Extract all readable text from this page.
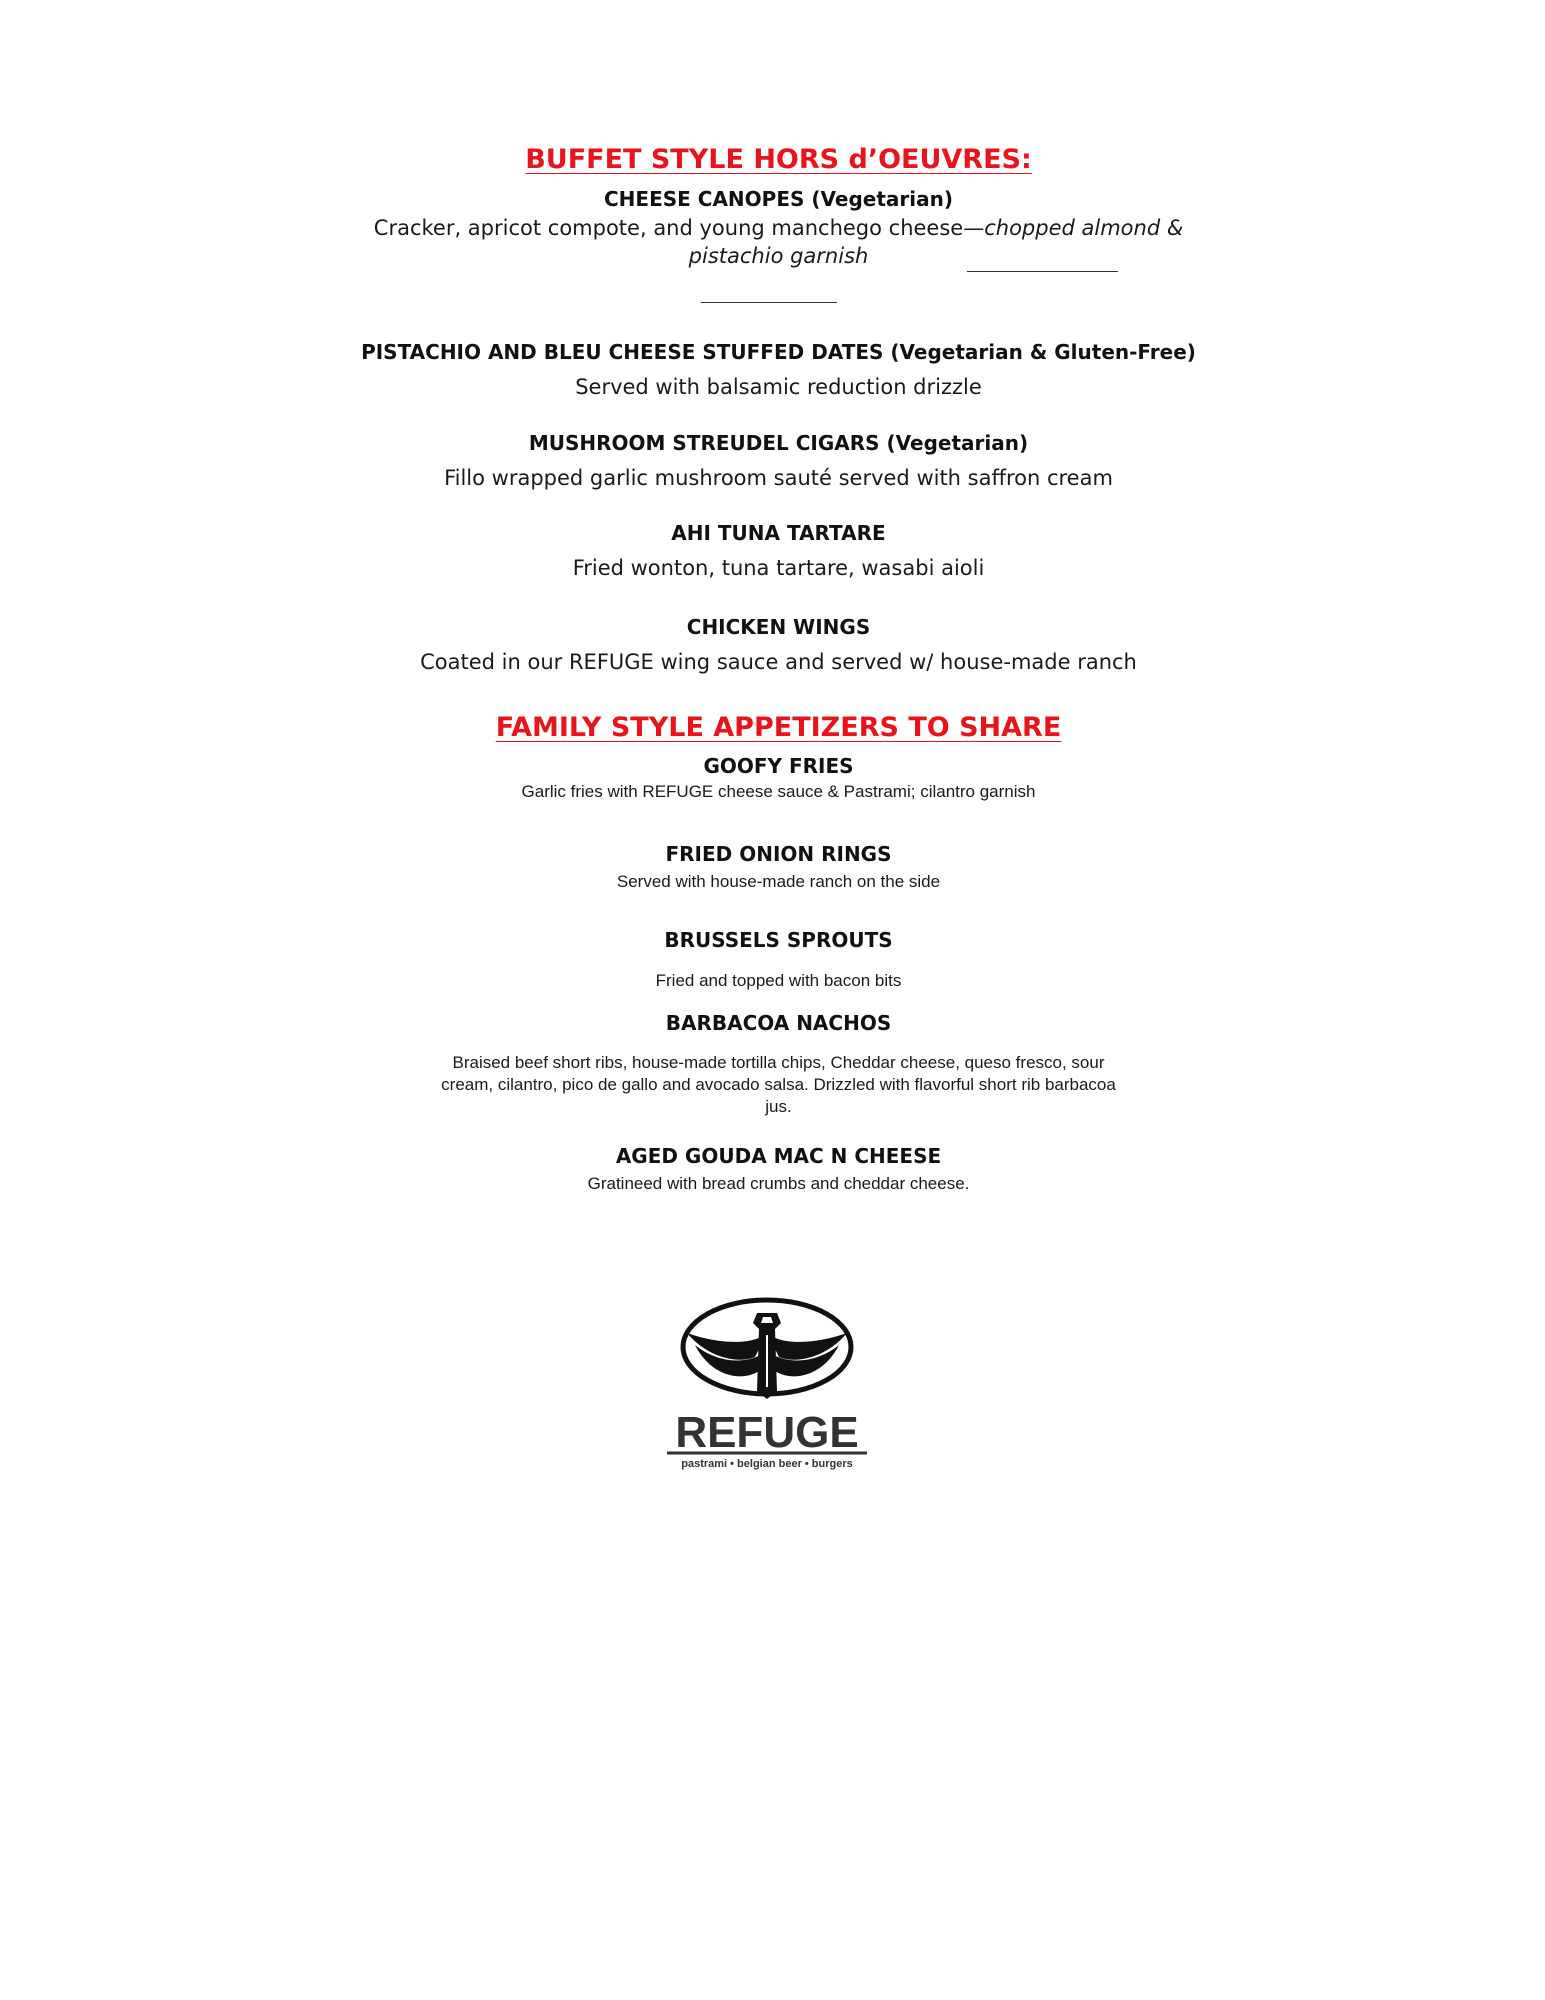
BUFFET STYLE HORS d’OEUVRES:
CHEESE CANOPES (Vegetarian)
Cracker, apricot compote, and young manchego cheese—chopped almond &
pistachio garnish
PISTACHIO AND BLEU CHEESE STUFFED DATES (Vegetarian & Gluten-Free)
Served with balsamic reduction drizzle
MUSHROOM STREUDEL CIGARS (Vegetarian)
Fillo wrapped garlic mushroom sauté served with saffron cream
AHI TUNA TARTARE
Fried wonton, tuna tartare, wasabi aioli
CHICKEN WINGS
Coated in our REFUGE wing sauce and served w/ house-made ranch
FAMILY STYLE APPETIZERS TO SHARE
GOOFY FRIES
Garlic fries with REFUGE cheese sauce & Pastrami; cilantro garnish
FRIED ONION RINGS
Served with house-made ranch on the side
BRUSSELS SPROUTS
Fried and topped with bacon bits
BARBACOA NACHOS
Braised beef short ribs, house-made tortilla chips, Cheddar cheese, queso fresco, sour
cream, cilantro, pico de gallo and avocado salsa. Drizzled with flavorful short rib barbacoa
jus.
AGED GOUDA MAC N CHEESE
Gratineed with bread crumbs and cheddar cheese.
REFUGE
pastrami • belgian beer • burgers
